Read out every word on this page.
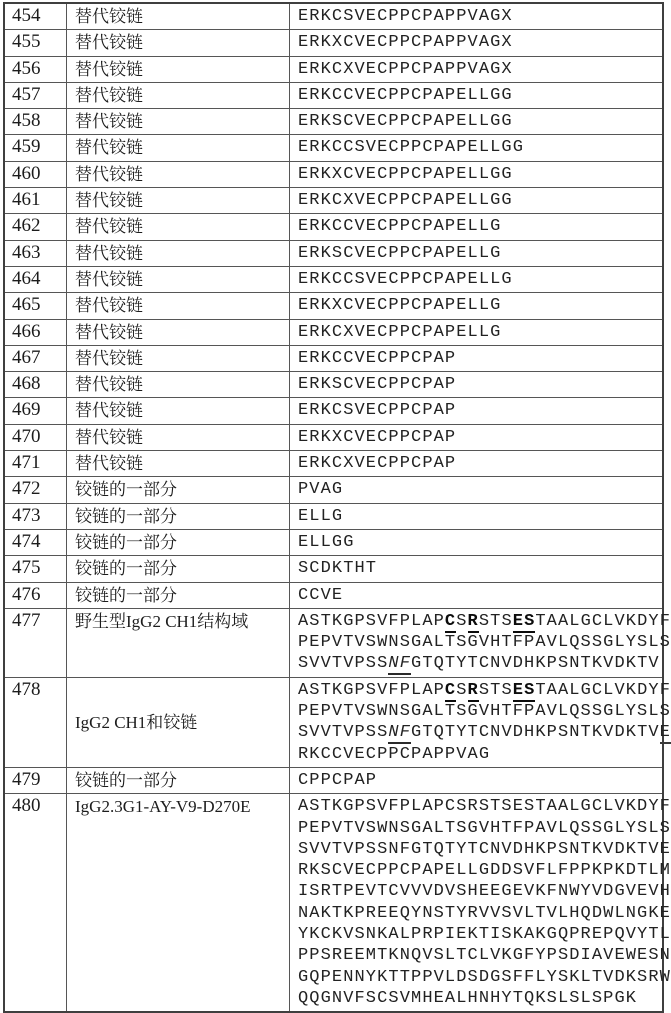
454	替代铰链	ERKCSVECPPCPAPPVAGX

455	替代铰链	ERKXCVECPPCPAPPVAGX

456	替代铰链	ERKCXVECPPCPAPPVAGX

457	替代铰链	ERKCCVECPPCPAPELLGG

458	替代铰链	ERKSCVECPPCPAPELLGG

459	替代铰链	ERKCCSVECPPCPAPELLGG

460	替代铰链	ERKXCVECPPCPAPELLGG

461	替代铰链	ERKCXVECPPCPAPELLGG

462	替代铰链	ERKCCVECPPCPAPELLG

463	替代铰链	ERKSCVECPPCPAPELLG

464	替代铰链	ERKCCSVECPPCPAPELLG

465	替代铰链	ERKXCVECPPCPAPELLG

466	替代铰链	ERKCXVECPPCPAPELLG

467	替代铰链	ERKCCVECPPCPAP

468	替代铰链	ERKSCVECPPCPAP

469	替代铰链	ERKCSVECPPCPAP

470	替代铰链	ERKXCVECPPCPAP

471	替代铰链	ERKCXVECPPCPAP

472	铰链的一部分	PVAG

473	铰链的一部分	ELLG

474	铰链的一部分	ELLGG

475	铰链的一部分	SCDKTHT

476	铰链的一部分	CCVE

477	野生型IgG2 CH1结构域	ASTKGPSVFPLAPCSRSTSESTAALGCLVKDYF
PEPVTVSWNSGALTSGVHTFPAVLQSSGLYSLS
SVVTVPSSNFGTQTYTCNVDHKPSNTKVDKTV

478	IgG2 CH1和铰链	ASTKGPSVFPLAPCSRSTSESTAALGCLVKDYF
PEPVTVSWNSGALTSGVHTFPAVLQSSGLYSLS
SVVTVPSSNFGTQTYTCNVDHKPSNTKVDKTVE
RKCCVECPPCPAPPVAG

479	铰链的一部分	CPPCPAP

480	IgG2.3G1-AY-V9-D270E	ASTKGPSVFPLAPCSRSTSESTAALGCLVKDYF
PEPVTVSWNSGALTSGVHTFPAVLQSSGLYSLS
SVVTVPSSNFGTQTYTCNVDHKPSNTKVDKTVE
RKSCVECPPCPAPELLGDDSVFLFPPKPKDTLM
ISRTPEVTCVVVDVSHEEGEVKFNWYVDGVEVH
NAKTKPREEQYNSTYRVVSVLTVLHQDWLNGKE
YKCKVSNKALPRPIEKTISKAKGQPREPQVYTL
PPSREEMTKNQVSLTCLVKGFYPSDIAVEWESN
GQPENNYKTTPPVLDSDGSFFLYSKLTVDKSRW
QQGNVFSCSVMHEALHNHYTQKSLSLSPGK
